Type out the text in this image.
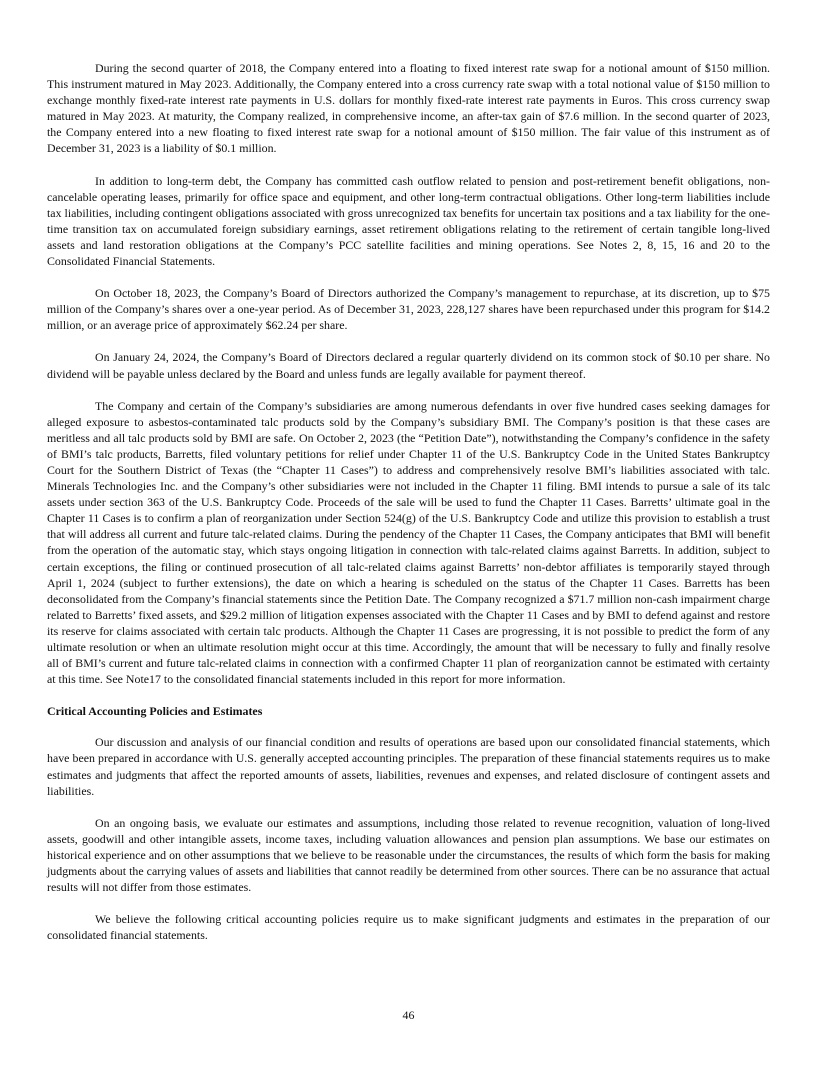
During the second quarter of 2018, the Company entered into a floating to fixed interest rate swap for a notional amount of $150 million. This instrument matured in May 2023. Additionally, the Company entered into a cross currency rate swap with a total notional value of $150 million to exchange monthly fixed-rate interest rate payments in U.S. dollars for monthly fixed-rate interest rate payments in Euros. This cross currency swap matured in May 2023. At maturity, the Company realized, in comprehensive income, an after-tax gain of $7.6 million. In the second quarter of 2023, the Company entered into a new floating to fixed interest rate swap for a notional amount of $150 million. The fair value of this instrument as of December 31, 2023 is a liability of $0.1 million.

In addition to long-term debt, the Company has committed cash outflow related to pension and post-retirement benefit obligations, non-cancelable operating leases, primarily for office space and equipment, and other long-term contractual obligations. Other long-term liabilities include tax liabilities, including contingent obligations associated with gross unrecognized tax benefits for uncertain tax positions and a tax liability for the one-time transition tax on accumulated foreign subsidiary earnings, asset retirement obligations relating to the retirement of certain tangible long-lived assets and land restoration obligations at the Company’s PCC satellite facilities and mining operations. See Notes 2, 8, 15, 16 and 20 to the Consolidated Financial Statements.

On October 18, 2023, the Company’s Board of Directors authorized the Company’s management to repurchase, at its discretion, up to $75 million of the Company’s shares over a one-year period. As of December 31, 2023, 228,127 shares have been repurchased under this program for $14.2 million, or an average price of approximately $62.24 per share.

On January 24, 2024, the Company’s Board of Directors declared a regular quarterly dividend on its common stock of $0.10 per share. No dividend will be payable unless declared by the Board and unless funds are legally available for payment thereof.

The Company and certain of the Company’s subsidiaries are among numerous defendants in over five hundred cases seeking damages for alleged exposure to asbestos-contaminated talc products sold by the Company’s subsidiary BMI. The Company’s position is that these cases are meritless and all talc products sold by BMI are safe. On October 2, 2023 (the “Petition Date”), notwithstanding the Company’s confidence in the safety of BMI’s talc products, Barretts, filed voluntary petitions for relief under Chapter 11 of the U.S. Bankruptcy Code in the United States Bankruptcy Court for the Southern District of Texas (the “Chapter 11 Cases”) to address and comprehensively resolve BMI’s liabilities associated with talc. Minerals Technologies Inc. and the Company’s other subsidiaries were not included in the Chapter 11 filing. BMI intends to pursue a sale of its talc assets under section 363 of the U.S. Bankruptcy Code. Proceeds of the sale will be used to fund the Chapter 11 Cases. Barretts’ ultimate goal in the Chapter 11 Cases is to confirm a plan of reorganization under Section 524(g) of the U.S. Bankruptcy Code and utilize this provision to establish a trust that will address all current and future talc-related claims. During the pendency of the Chapter 11 Cases, the Company anticipates that BMI will benefit from the operation of the automatic stay, which stays ongoing litigation in connection with talc-related claims against Barretts. In addition, subject to certain exceptions, the filing or continued prosecution of all talc-related claims against Barretts’ non-debtor affiliates is temporarily stayed through April 1, 2024 (subject to further extensions), the date on which a hearing is scheduled on the status of the Chapter 11 Cases. Barretts has been deconsolidated from the Company’s financial statements since the Petition Date. The Company recognized a $71.7 million non-cash impairment charge related to Barretts’ fixed assets, and $29.2 million of litigation expenses associated with the Chapter 11 Cases and by BMI to defend against and restore its reserve for claims associated with certain talc products. Although the Chapter 11 Cases are progressing, it is not possible to predict the form of any ultimate resolution or when an ultimate resolution might occur at this time. Accordingly, the amount that will be necessary to fully and finally resolve all of BMI’s current and future talc-related claims in connection with a confirmed Chapter 11 plan of reorganization cannot be estimated with certainty at this time. See Note17 to the consolidated financial statements included in this report for more information.

Critical Accounting Policies and Estimates

Our discussion and analysis of our financial condition and results of operations are based upon our consolidated financial statements, which have been prepared in accordance with U.S. generally accepted accounting principles. The preparation of these financial statements requires us to make estimates and judgments that affect the reported amounts of assets, liabilities, revenues and expenses, and related disclosure of contingent assets and liabilities.

On an ongoing basis, we evaluate our estimates and assumptions, including those related to revenue recognition, valuation of long-lived assets, goodwill and other intangible assets, income taxes, including valuation allowances and pension plan assumptions. We base our estimates on historical experience and on other assumptions that we believe to be reasonable under the circumstances, the results of which form the basis for making judgments about the carrying values of assets and liabilities that cannot readily be determined from other sources. There can be no assurance that actual results will not differ from those estimates.

We believe the following critical accounting policies require us to make significant judgments and estimates in the preparation of our consolidated financial statements.

46
